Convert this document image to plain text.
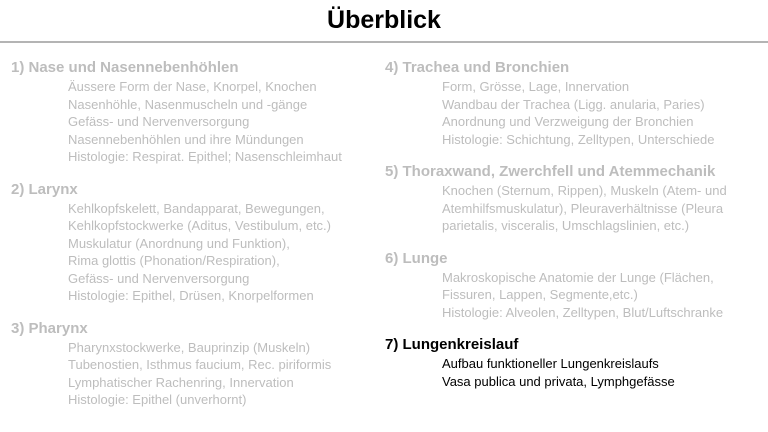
Überblick
1) Nase und Nasennebenhöhlen
Äussere Form der Nase, Knorpel, Knochen
Nasenhöhle, Nasenmuscheln und -gänge
Gefäss- und Nervenversorgung
Nasennebenhöhlen und ihre Mündungen
Histologie: Respirat. Epithel; Nasenschleimhaut
2) Larynx
Kehlkopfskelett, Bandapparat, Bewegungen,
Kehlkopfstockwerke (Aditus, Vestibulum, etc.)
Muskulatur (Anordnung und Funktion),
Rima glottis (Phonation/Respiration),
Gefäss- und Nervenversorgung
Histologie: Epithel, Drüsen, Knorpelformen
3) Pharynx
Pharynxstockwerke, Bauprinzip (Muskeln)
Tubenostien, Isthmus faucium, Rec. piriformis
Lymphatischer Rachenring, Innervation
Histologie: Epithel (unverhornt)
4) Trachea und Bronchien
Form, Grösse, Lage, Innervation
Wandbau der Trachea (Ligg. anularia, Paries)
Anordnung und Verzweigung der Bronchien
Histologie: Schichtung, Zelltypen, Unterschiede
5) Thoraxwand, Zwerchfell und Atemmechanik
Knochen (Sternum, Rippen), Muskeln (Atem- und
Atemhilfsmuskulatur), Pleuraverhältnisse (Pleura
parietalis, visceralis, Umschlagslinien, etc.)
6) Lunge
Makroskopische Anatomie der Lunge (Flächen,
Fissuren, Lappen, Segmente,etc.)
Histologie: Alveolen, Zelltypen, Blut/Luftschranke
7) Lungenkreislauf
Aufbau funktioneller Lungenkreislaufs
Vasa publica und privata, Lymphgefässe
